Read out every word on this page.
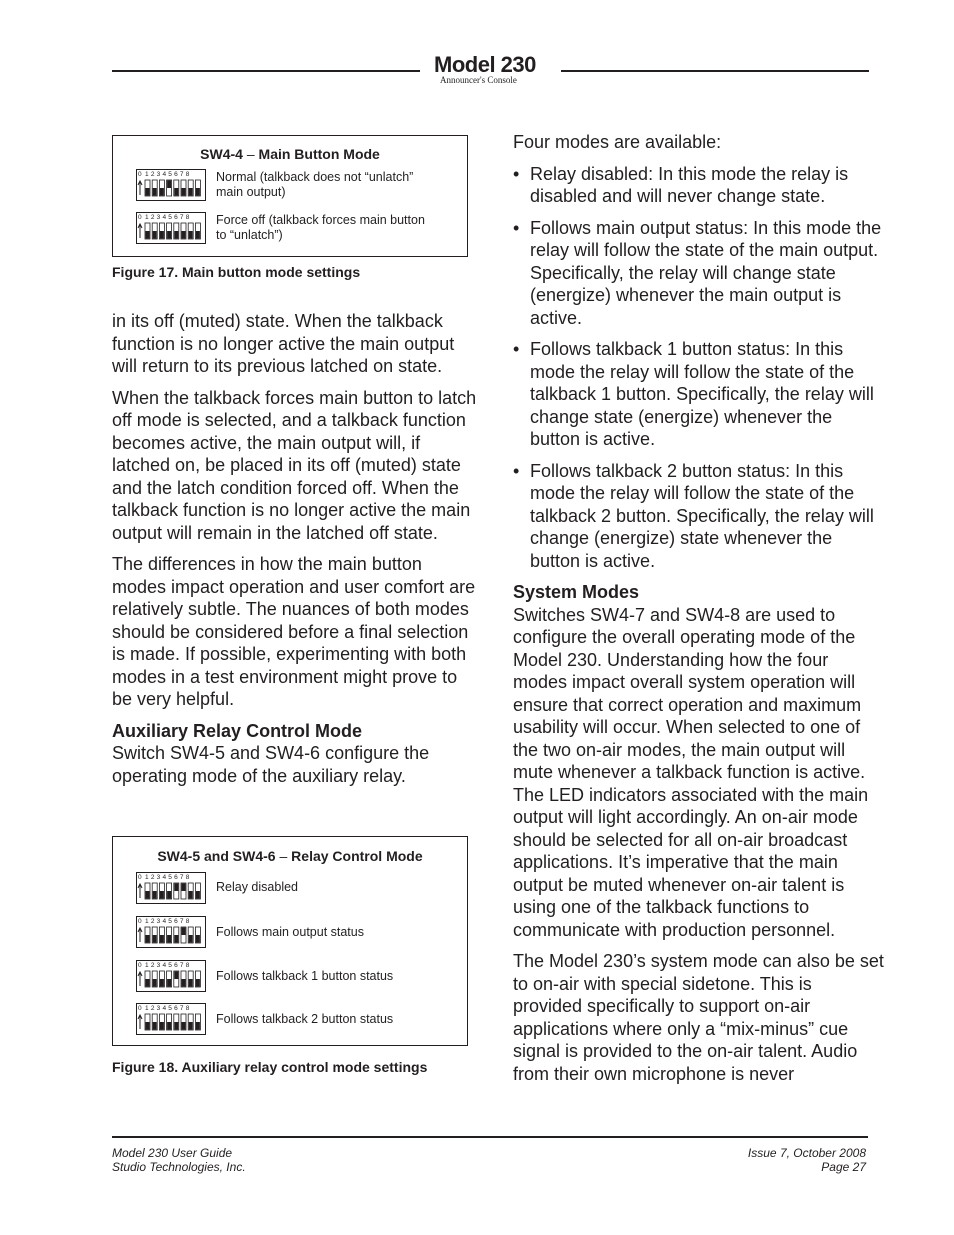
Model 230
Announcer's Console
SW4-4 – Main Button Mode
0 1 2 3 4 5 6 7 8 Normal (talkback does not “unlatch”
main output)
0 1 2 3 4 5 6 7 8 Force off (talkback forces main button
to “unlatch”)
Figure 17. Main button mode settings

in its off (muted) state. When the talkback function is no longer active the main output will return to its previous latched on state.

When the talkback forces main button to latch off mode is selected, and a talkback function becomes active, the main output will, if latched on, be placed in its off (muted) state and the latch condition forced off. When the talkback function is no longer active the main output will remain in the latched off state.

The differences in how the main button modes impact operation and user comfort are relatively subtle. The nuances of both modes should be considered before a final selection is made. If possible, experimenting with both modes in a test environment might prove to be very helpful.

Auxiliary Relay Control Mode

Switch SW4-5 and SW4-6 configure the operating mode of the auxiliary relay.

SW4-5 and SW4-6 – Relay Control Mode
0 1 2 3 4 5 6 7 8
Relay disabled
0 1 2 3 4 5 6 7 8
Follows main output status
0 1 2 3 4 5 6 7 8
Follows talkback 1 button status
0 1 2 3 4 5 6 7 8
Follows talkback 2 button status
Figure 18. Auxiliary relay control mode settings

Four modes are available:

• Relay disabled: In this mode the relay is disabled and will never change state.
• Follows main output status: In this mode the relay will follow the state of the main output. Specifically, the relay will change state (energize) whenever the main output is active.
• Follows talkback 1 button status: In this mode the relay will follow the state of the talkback 1 button. Specifically, the relay will change state (energize) whenever the button is active.
• Follows talkback 2 button status: In this mode the relay will follow the state of the talkback 2 button. Specifically, the relay will change (energize) state whenever the button is active.
System Modes

Switches SW4-7 and SW4-8 are used to configure the overall operating mode of the Model 230. Understanding how the four modes impact overall system operation will ensure that correct operation and maximum usability will occur. When selected to one of the two on-air modes, the main output will mute whenever a talkback function is active. The LED indicators associated with the main output will light accordingly. An on-air mode should be selected for all on-air broadcast applications. It’s imperative that the main output be muted whenever on-air talent is using one of the talkback functions to communicate with production personnel.

The Model 230’s system mode can also be set to on-air with special sidetone. This is provided specifically to support on-air applications where only a “mix-minus” cue signal is provided to the on-air talent. Audio from their own microphone is never

Model 230 User Guide
Studio Technologies, Inc.
Issue 7, October 2008
Page 27
